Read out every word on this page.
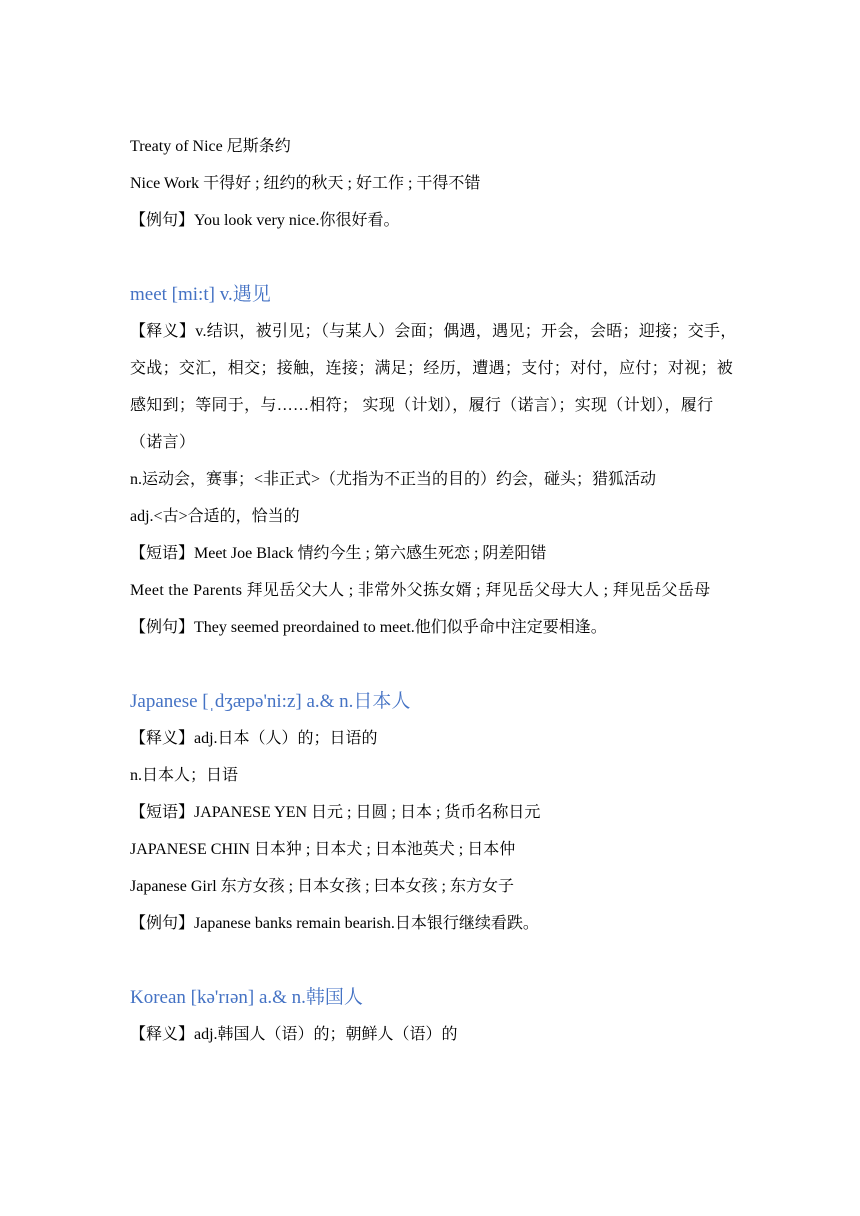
Treaty of Nice 尼斯条约
Nice Work 干得好 ; 纽约的秋天 ; 好工作 ; 干得不错
【例句】You look very nice.你很好看。
meet [mi:t] v.遇见
【释义】v.结识，被引见；（与某人）会面；偶遇，遇见；开会，会晤；迎接；交手，交战；交汇，相交；接触，连接；满足；经历，遭遇；支付；对付，应付；对视；被感知到；等同于，与……相符； 实现（计划），履行（诺言）；实现（计划），履行（诺言）
n.运动会，赛事；<非正式>（尤指为不正当的目的）约会，碰头；猎狐活动
adj.<古>合适的，恰当的
【短语】Meet Joe Black 情约今生 ; 第六感生死恋 ; 阴差阳错
Meet the Parents 拜见岳父大人 ; 非常外父拣女婿 ; 拜见岳父母大人 ; 拜见岳父岳母
【例句】They seemed preordained to meet.他们似乎命中注定要相逢。
Japanese [ˌdʒæpə'ni:z] a.& n.日本人
【释义】adj.日本（人）的；日语的
n.日本人；日语
【短语】JAPANESE YEN 日元 ; 日圆 ; 日本 ; 货币名称日元
JAPANESE CHIN 日本狆 ; 日本犬 ; 日本池英犬 ; 日本仲
Japanese Girl 东方女孩 ; 日本女孩 ; 曰本女孩 ; 东方女子
【例句】Japanese banks remain bearish.日本银行继续看跌。
Korean [kə'rɪən] a.& n.韩国人
【释义】adj.韩国人（语）的；朝鲜人（语）的
